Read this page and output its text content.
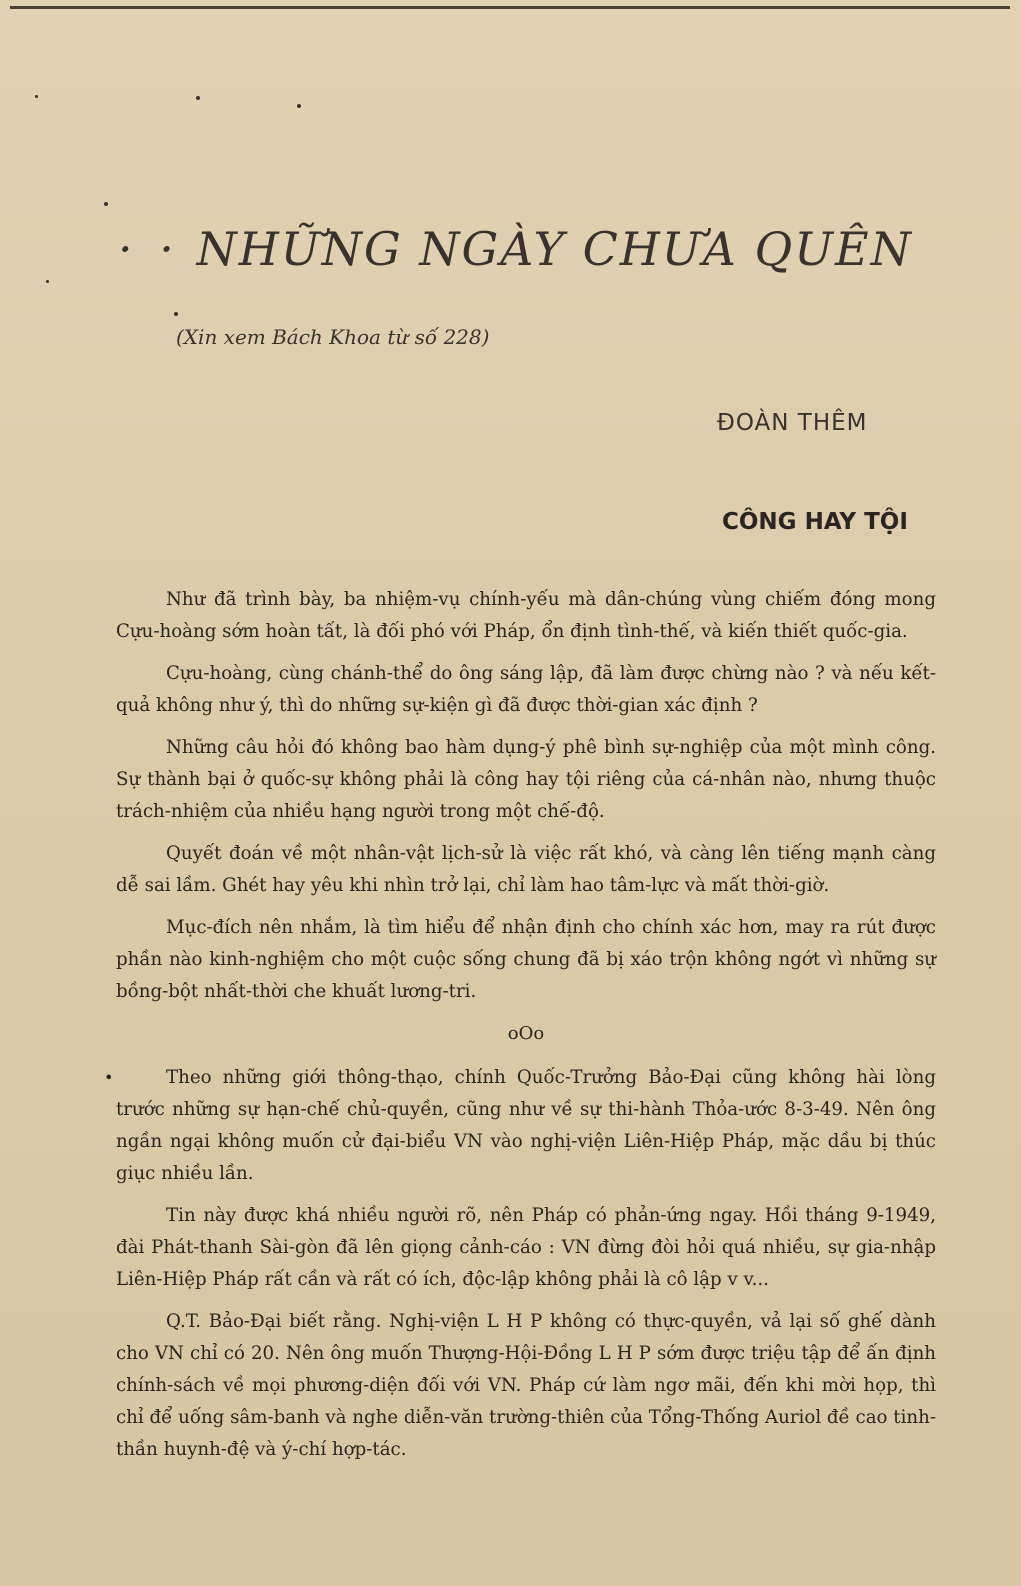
· · NHỮNG NGÀY CHƯA QUÊN
(Xin xem Bách Khoa từ số 228)
ĐOÀN THÊM
CÔNG HAY TỘI

Như đã trình bày, ba nhiệm-vụ chính-yếu mà dân-chúng vùng chiếm đóng mong Cựu-hoàng sớm hoàn tất, là đối phó với Pháp, ổn định tình-thế, và kiến thiết quốc-gia.

Cựu-hoàng, cùng chánh-thể do ông sáng lập, đã làm được chừng nào ? và nếu kết-quả không như ý, thì do những sự-kiện gì đã được thời-gian xác định ?

Những câu hỏi đó không bao hàm dụng-ý phê bình sự-nghiệp của một mình công. Sự thành bại ở quốc-sự không phải là công hay tội riêng của cá-nhân nào, nhưng thuộc trách-nhiệm của nhiều hạng người trong một chế-độ.

Quyết đoán về một nhân-vật lịch-sử là việc rất khó, và càng lên tiếng mạnh càng dễ sai lầm. Ghét hay yêu khi nhìn trở lại, chỉ làm hao tâm-lực và mất thời-giờ.

Mục-đích nên nhắm, là tìm hiểu để nhận định cho chính xác hơn, may ra rút được phần nào kinh-nghiệm cho một cuộc sống chung đã bị xáo trộn không ngớt vì những sự bồng-bột nhất-thời che khuất lương-tri.

oOo

• Theo những giới thông-thạo, chính Quốc-Trưởng Bảo-Đại cũng không hài lòng trước những sự hạn-chế chủ-quyền, cũng như về sự thi-hành Thỏa-ước 8-3-49. Nên ông ngần ngại không muốn cử đại-biểu VN vào nghị-viện Liên-Hiệp Pháp, mặc dầu bị thúc giục nhiều lần.

Tin này được khá nhiều người rõ, nên Pháp có phản-ứng ngay. Hồi tháng 9-1949, đài Phát-thanh Sài-gòn đã lên giọng cảnh-cáo : VN đừng đòi hỏi quá nhiều, sự gia-nhập Liên-Hiệp Pháp rất cần và rất có ích, độc-lập không phải là cô lập v v...

Q.T. Bảo-Đại biết rằng. Nghị-viện L H P không có thực-quyền, vả lại số ghế dành cho VN chỉ có 20. Nên ông muốn Thượng-Hội-Đồng L H P sớm được triệu tập để ấn định chính-sách về mọi phương-diện đối với VN. Pháp cứ làm ngơ mãi, đến khi mời họp, thì chỉ để uống sâm-banh và nghe diễn-văn trường-thiên của Tổng-Thống Auriol đề cao tinh-thần huynh-đệ và ý-chí hợp-tác.
